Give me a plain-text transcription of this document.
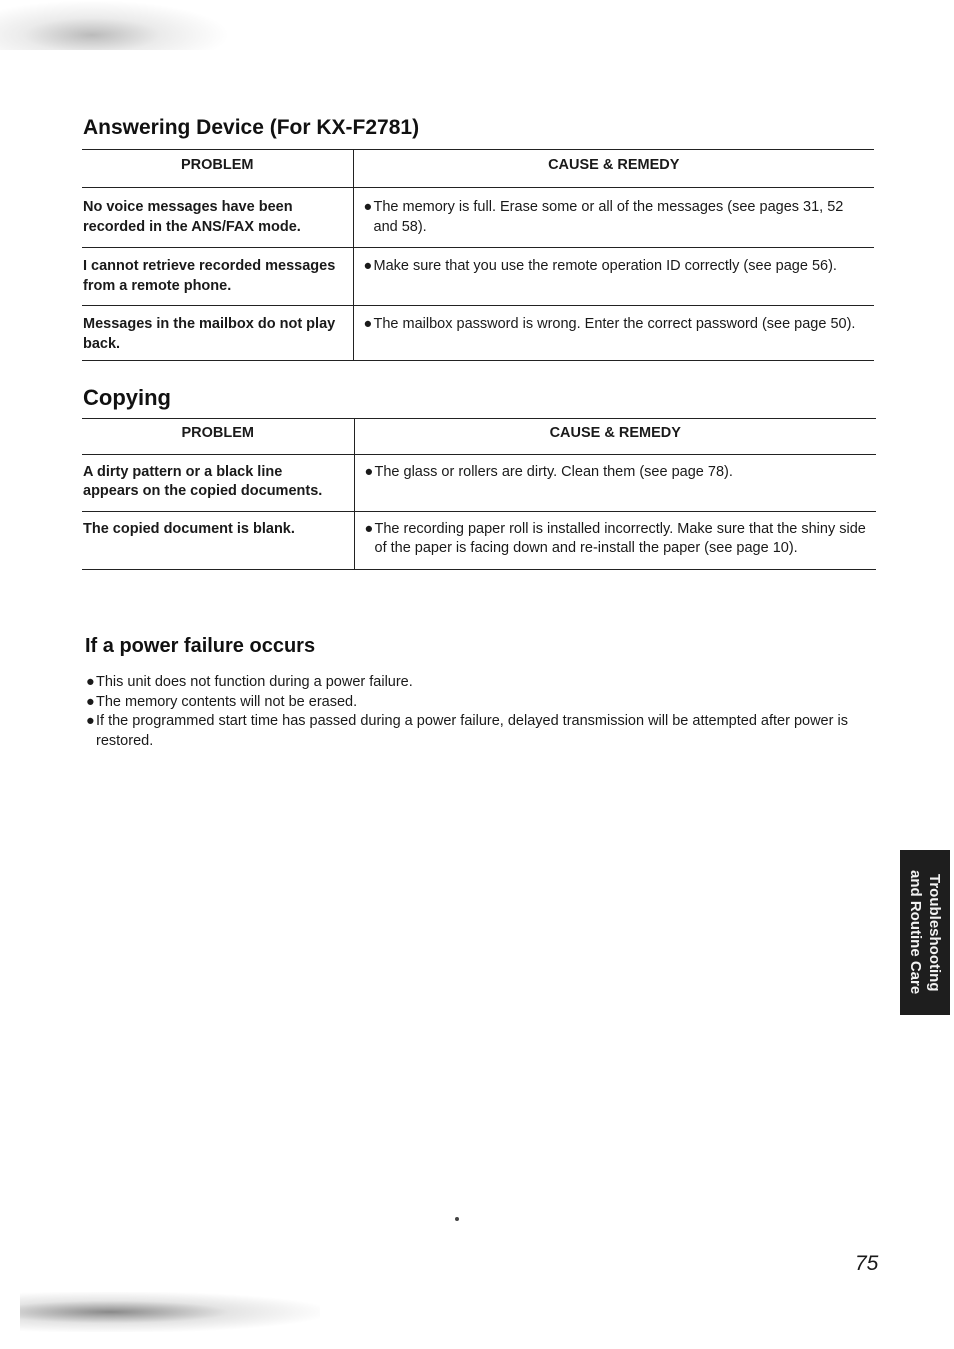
Answering Device (For KX-F2781)
PROBLEM	CAUSE & REMEDY
No voice messages have been recorded in the ANS/FAX mode.	● The memory is full. Erase some or all of the messages (see pages 31, 52 and 58).

I cannot retrieve recorded messages from a remote phone.	● Make sure that you use the remote operation ID correctly (see page 56).

Messages in the mailbox do not play back.	● The mailbox password is wrong. Enter the correct password (see page 50).
Copying
PROBLEM	CAUSE & REMEDY
A dirty pattern or a black line appears on the copied documents.	● The glass or rollers are dirty. Clean them (see page 78).

The copied document is blank.	● The recording paper roll is installed incorrectly. Make sure that the shiny side of the paper is facing down and re-install the paper (see page 10).
If a power failure occurs
● This unit does not function during a power failure.
● The memory contents will not be erased.
● If the programmed start time has passed during a power failure, delayed transmission will be attempted after power is restored.
Troubleshooting
and Routine Care
75
